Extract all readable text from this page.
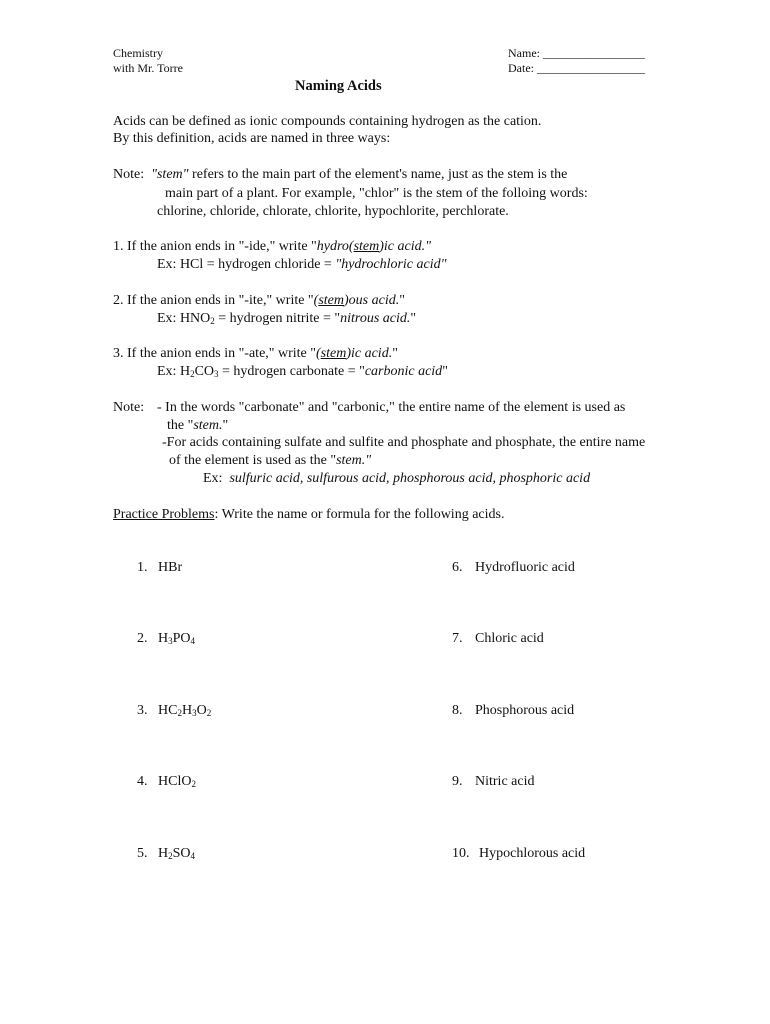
Chemistry
with Mr. Torre
Name: _________________
Date: __________________
Naming Acids
Acids can be defined as ionic compounds containing hydrogen as the cation.
By this definition, acids are named in three ways:
Note: "stem" refers to the main part of the element's name, just as the stem is the
main part of a plant. For example, "chlor" is the stem of the folloing words:
chlorine, chloride, chlorate, chlorite, hypochlorite, perchlorate.
1. If the anion ends in "-ide," write "hydro(stem)ic acid."
Ex: HCl = hydrogen chloride = "hydrochloric acid"
2. If the anion ends in "-ite," write "(stem)ous acid."
Ex: $HNO_2$ = hydrogen nitrite = "nitrous acid."
3. If the anion ends in "-ate," write "(stem)ic acid."
Ex: $H_2CO_3$ = hydrogen carbonate = "carbonic acid"
Note: - In the words "carbonate" and "carbonic," the entire name of the element is used as
the "stem."
-For acids containing sulfate and sulfite and phosphate and phosphate, the entire name
of the element is used as the "stem."
Ex: sulfuric acid, sulfurous acid, phosphorous acid, phosphoric acid
Practice Problems: Write the name or formula for the following acids.
1. HBr
2. $H_3PO_4$
3. $HC_2H_3O_2$
4. HClO$_2$
5. $H_2SO_4$
6. Hydrofluoric acid
7. Chloric acid
8. Phosphorous acid
9. Nitric acid
10. Hypochlorous acid
